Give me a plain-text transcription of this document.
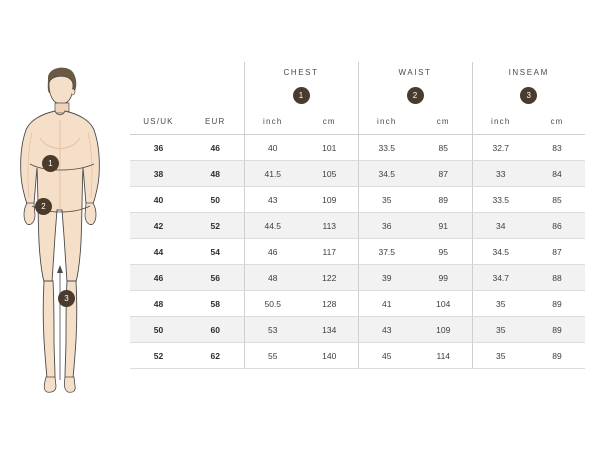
1
2
3
		CHEST		WAIST		INSEAM	
		1		2		3	
US/UK	EUR	inch	cm	inch	cm	inch	cm
36	46	40	101	33.5	85	32.7	83
38	48	41.5	105	34.5	87	33	84
40	50	43	109	35	89	33.5	85
42	52	44.5	113	36	91	34	86
44	54	46	117	37.5	95	34.5	87
46	56	48	122	39	99	34.7	88
48	58	50.5	128	41	104	35	89
50	60	53	134	43	109	35	89
52	62	55	140	45	114	35	89
